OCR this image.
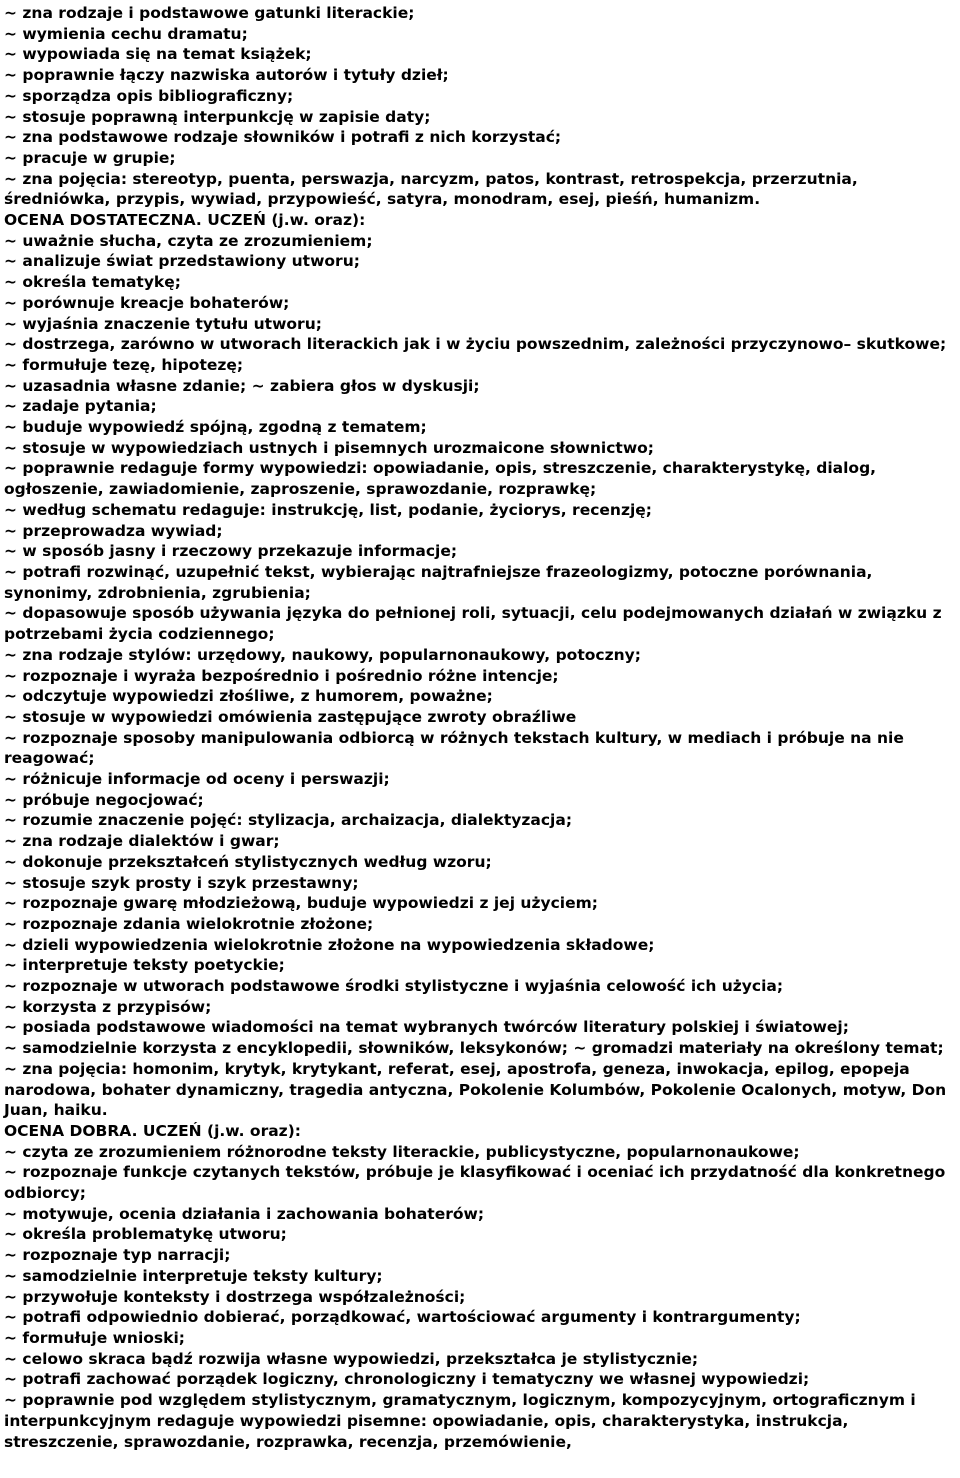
~ zna rodzaje i podstawowe gatunki literackie;

~ wymienia cechu dramatu;

~ wypowiada się na temat książek;

~ poprawnie łączy nazwiska autorów i tytuły dzieł;

~ sporządza opis bibliograficzny;

~ stosuje poprawną interpunkcję w zapisie daty;

~ zna podstawowe rodzaje słowników i potrafi z nich korzystać;

~ pracuje w grupie;

~ zna pojęcia: stereotyp, puenta, perswazja, narcyzm, patos, kontrast, retrospekcja, przerzutnia, średniówka, przypis, wywiad, przypowieść, satyra, monodram, esej, pieśń, humanizm.

OCENA DOSTATECZNA. UCZEŃ (j.w. oraz):

~ uważnie słucha, czyta ze zrozumieniem;

~ analizuje świat przedstawiony utworu;

~ określa tematykę;

~ porównuje kreacje bohaterów;

~ wyjaśnia znaczenie tytułu utworu;

~ dostrzega, zarówno w utworach literackich jak i w życiu powszednim, zależności przyczynowo– skutkowe;

~ formułuje tezę, hipotezę;

~ uzasadnia własne zdanie; ~ zabiera głos w dyskusji;

~ zadaje pytania;

~ buduje wypowiedź spójną, zgodną z tematem;

~ stosuje w wypowiedziach ustnych i pisemnych urozmaicone słownictwo;

~ poprawnie redaguje formy wypowiedzi: opowiadanie, opis, streszczenie, charakterystykę, dialog, ogłoszenie, zawiadomienie, zaproszenie, sprawozdanie, rozprawkę;

~ według schematu redaguje: instrukcję, list, podanie, życiorys, recenzję;

~ przeprowadza wywiad;

~ w sposób jasny i rzeczowy przekazuje informacje;

~ potrafi rozwinąć, uzupełnić tekst, wybierając najtrafniejsze frazeologizmy, potoczne porównania, synonimy, zdrobnienia, zgrubienia;

~ dopasowuje sposób używania języka do pełnionej roli, sytuacji, celu podejmowanych działań w związku z potrzebami życia codziennego;

~ zna rodzaje stylów: urzędowy, naukowy, popularnonaukowy, potoczny;

~ rozpoznaje i wyraża bezpośrednio i pośrednio różne intencje;

~ odczytuje wypowiedzi złośliwe, z humorem, poważne;

~ stosuje w wypowiedzi omówienia zastępujące zwroty obraźliwe

~ rozpoznaje sposoby manipulowania odbiorcą w różnych tekstach kultury, w mediach i próbuje na nie reagować;

~ różnicuje informacje od oceny i perswazji;

~ próbuje negocjować;

~ rozumie znaczenie pojęć: stylizacja, archaizacja, dialektyzacja;

~ zna rodzaje dialektów i gwar;

~ dokonuje przekształceń stylistycznych według wzoru;

~ stosuje szyk prosty i szyk przestawny;

~ rozpoznaje gwarę młodzieżową, buduje wypowiedzi z jej użyciem;

~ rozpoznaje zdania wielokrotnie złożone;

~ dzieli wypowiedzenia wielokrotnie złożone na wypowiedzenia składowe;

~ interpretuje teksty poetyckie;

~ rozpoznaje w utworach podstawowe środki stylistyczne i wyjaśnia celowość ich użycia;

~ korzysta z przypisów;

~ posiada podstawowe wiadomości na temat wybranych twórców literatury polskiej i światowej;

~ samodzielnie korzysta z encyklopedii, słowników, leksykonów; ~ gromadzi materiały na określony temat;

~ zna pojęcia: homonim, krytyk, krytykant, referat, esej, apostrofa, geneza, inwokacja, epilog, epopeja narodowa, bohater dynamiczny, tragedia antyczna, Pokolenie Kolumbów, Pokolenie Ocalonych, motyw, Don Juan, haiku.

OCENA DOBRA. UCZEŃ (j.w. oraz):

~ czyta ze zrozumieniem różnorodne teksty literackie, publicystyczne, popularnonaukowe;

~ rozpoznaje funkcje czytanych tekstów, próbuje je klasyfikować i oceniać ich przydatność dla konkretnego odbiorcy;

~ motywuje, ocenia działania i zachowania bohaterów;

~ określa problematykę utworu;

~ rozpoznaje typ narracji;

~ samodzielnie interpretuje teksty kultury;

~ przywołuje konteksty i dostrzega współzależności;

~ potrafi odpowiednio dobierać, porządkować, wartościować argumenty i kontrargumenty;

~ formułuje wnioski;

~ celowo skraca bądź rozwija własne wypowiedzi, przekształca je stylistycznie;

~ potrafi zachować porządek logiczny, chronologiczny i tematyczny we własnej wypowiedzi;

~ poprawnie pod względem stylistycznym, gramatycznym, logicznym, kompozycyjnym, ortograficznym i interpunkcyjnym redaguje wypowiedzi pisemne: opowiadanie, opis, charakterystyka, instrukcja, streszczenie, sprawozdanie, rozprawka, recenzja, przemówienie,
